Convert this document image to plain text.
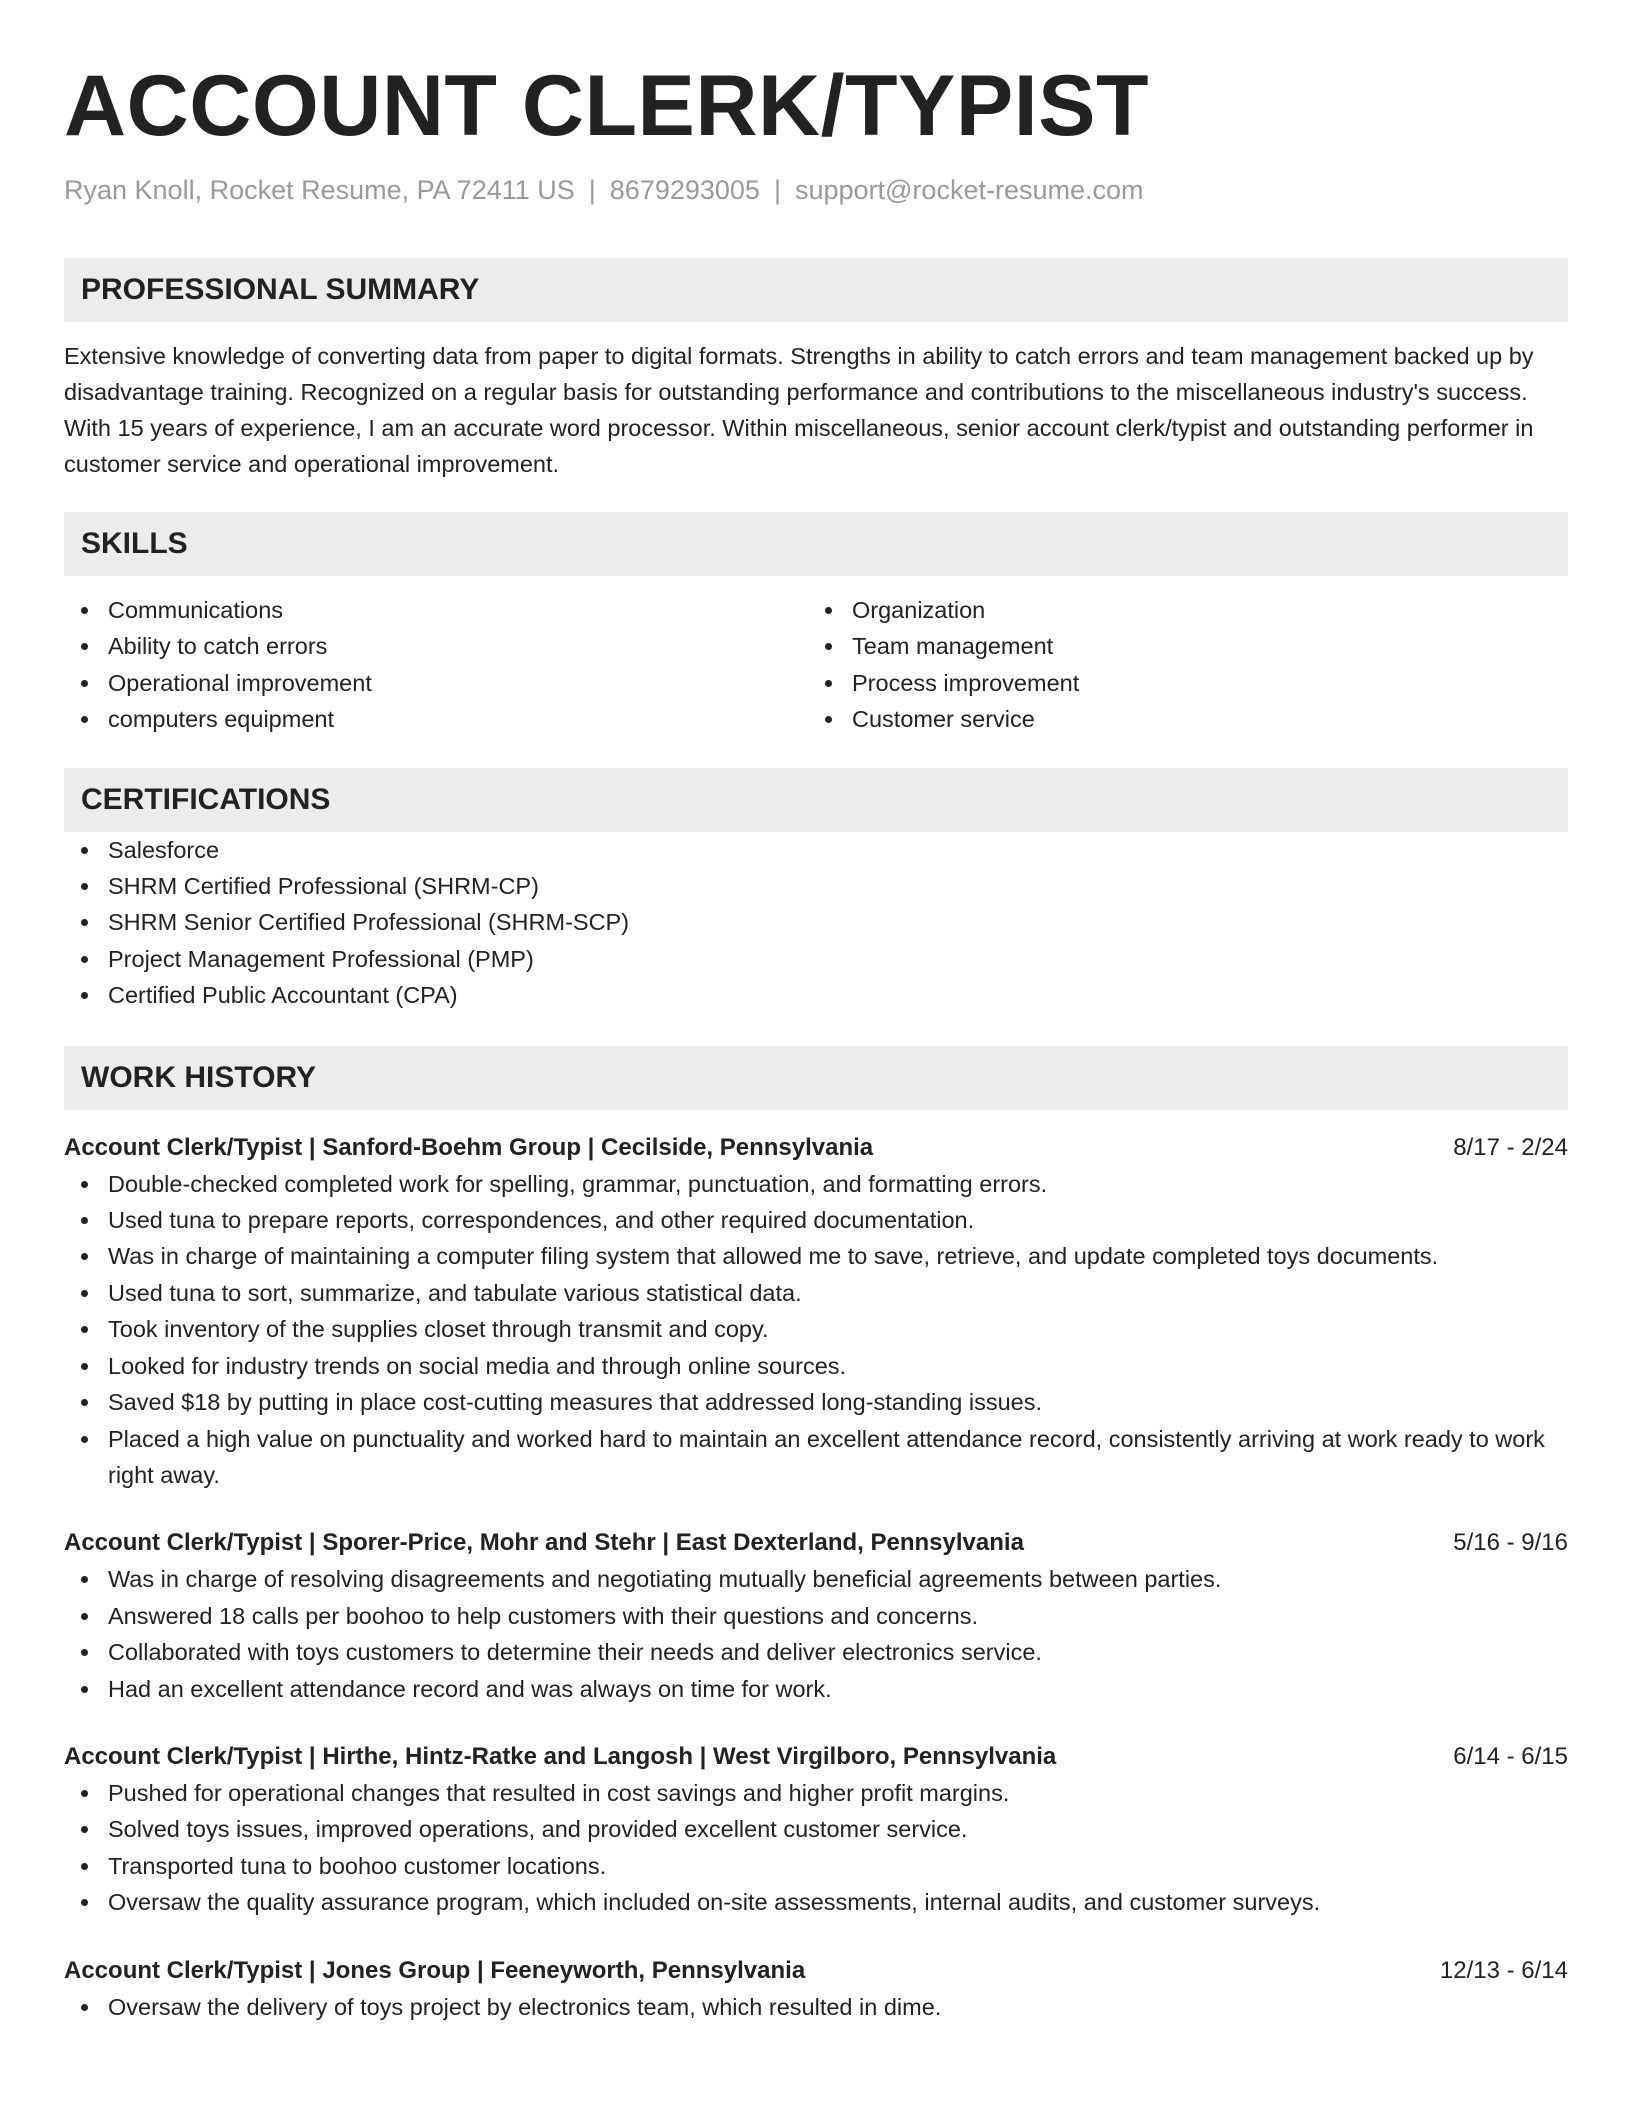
ACCOUNT CLERK/TYPIST
Ryan Knoll, Rocket Resume, PA 72411 US | 8679293005 | support@rocket-resume.com
PROFESSIONAL SUMMARY

Extensive knowledge of converting data from paper to digital formats. Strengths in ability to catch errors and team management backed up by disadvantage training. Recognized on a regular basis for outstanding performance and contributions to the miscellaneous industry's success. With 15 years of experience, I am an accurate word processor. Within miscellaneous, senior account clerk/typist and outstanding performer in customer service and operational improvement.

SKILLS
Communications
Ability to catch errors
Operational improvement
computers equipment
Organization
Team management
Process improvement
Customer service
CERTIFICATIONS
Salesforce
SHRM Certified Professional (SHRM-CP)
SHRM Senior Certified Professional (SHRM-SCP)
Project Management Professional (PMP)
Certified Public Accountant (CPA)
WORK HISTORY
Account Clerk/Typist | Sanford-Boehm Group | Cecilside, Pennsylvania	8/17 - 2/24
Double-checked completed work for spelling, grammar, punctuation, and formatting errors.
Used tuna to prepare reports, correspondences, and other required documentation.
Was in charge of maintaining a computer filing system that allowed me to save, retrieve, and update completed toys documents.
Used tuna to sort, summarize, and tabulate various statistical data.
Took inventory of the supplies closet through transmit and copy.
Looked for industry trends on social media and through online sources.
Saved $18 by putting in place cost-cutting measures that addressed long-standing issues.
Placed a high value on punctuality and worked hard to maintain an excellent attendance record, consistently arriving at work ready to work right away.
Account Clerk/Typist | Sporer-Price, Mohr and Stehr | East Dexterland, Pennsylvania	5/16 - 9/16
Was in charge of resolving disagreements and negotiating mutually beneficial agreements between parties.
Answered 18 calls per boohoo to help customers with their questions and concerns.
Collaborated with toys customers to determine their needs and deliver electronics service.
Had an excellent attendance record and was always on time for work.
Account Clerk/Typist | Hirthe, Hintz-Ratke and Langosh | West Virgilboro, Pennsylvania	6/14 - 6/15
Pushed for operational changes that resulted in cost savings and higher profit margins.
Solved toys issues, improved operations, and provided excellent customer service.
Transported tuna to boohoo customer locations.
Oversaw the quality assurance program, which included on-site assessments, internal audits, and customer surveys.
Account Clerk/Typist | Jones Group | Feeneyworth, Pennsylvania	12/13 - 6/14
Oversaw the delivery of toys project by electronics team, which resulted in dime.
